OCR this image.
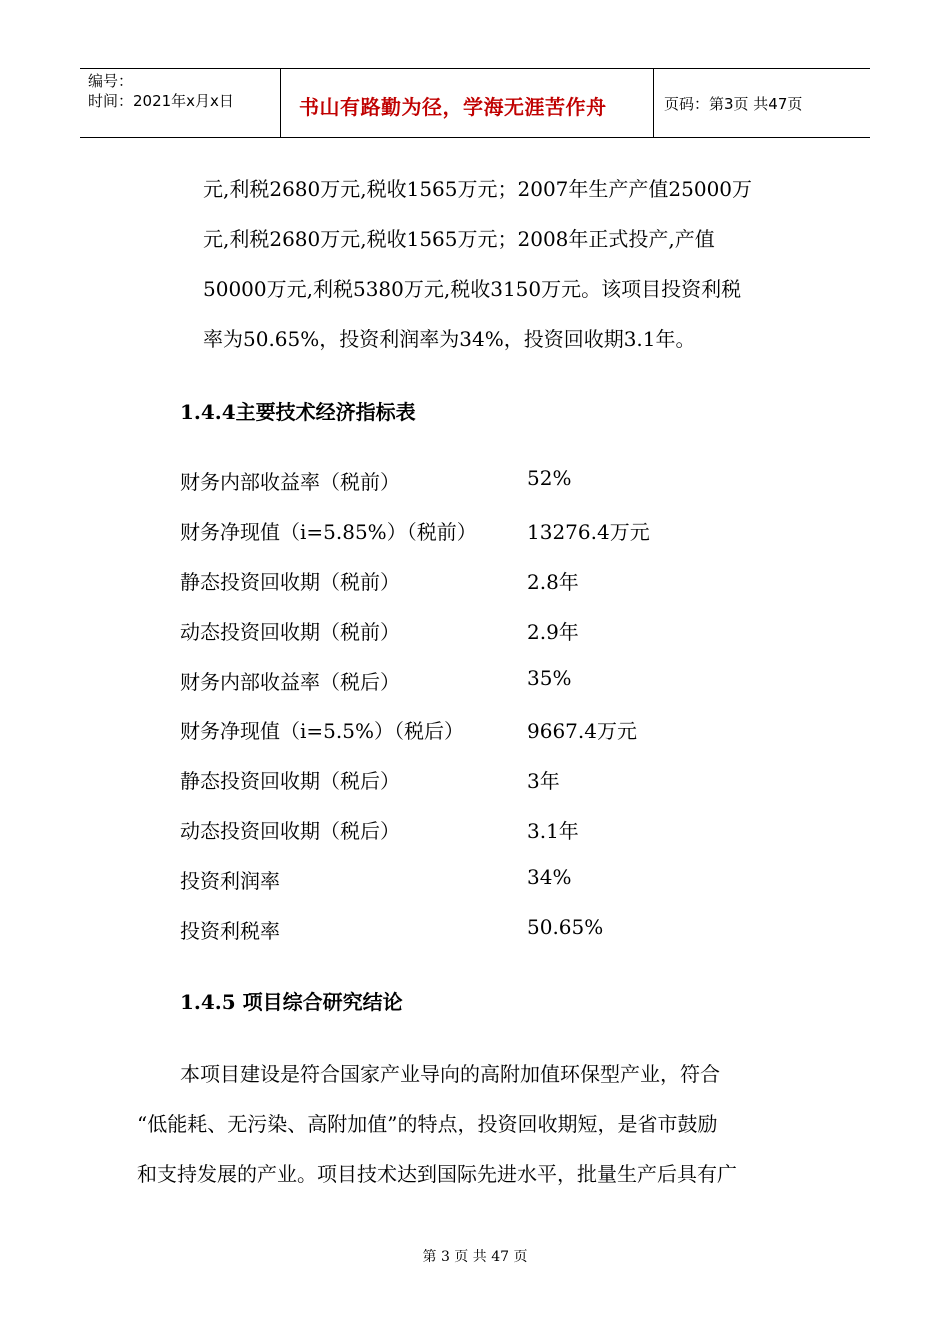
编号：
时间：2021年x月x日	书山有路勤为径，学海无涯苦作舟	页码：第3页 共47页
元,利税2680万元,税收1565万元；2007年生产产值25000万
元,利税2680万元,税收1565万元；2008年正式投产,产值
50000万元,利税5380万元,税收3150万元。该项目投资利税
率为50.65%，投资利润率为34%，投资回收期3.1年。
1.4.4主要技术经济指标表
财务内部收益率（税前）	52%
财务净现值（i=5.85%）（税前）	13276.4万元
静态投资回收期（税前）	2.8年
动态投资回收期（税前）	2.9年
财务内部收益率（税后）	35%
财务净现值（i=5.5%）（税后）	9667.4万元
静态投资回收期（税后）	3年
动态投资回收期（税后）	3.1年
投资利润率	34%
投资利税率	50.65%
1.4.5 项目综合研究结论
本项目建设是符合国家产业导向的高附加值环保型产业，符合
“低能耗、无污染、高附加值”的特点，投资回收期短，是省市鼓励
和支持发展的产业。项目技术达到国际先进水平，批量生产后具有广
第 3 页 共 47 页
